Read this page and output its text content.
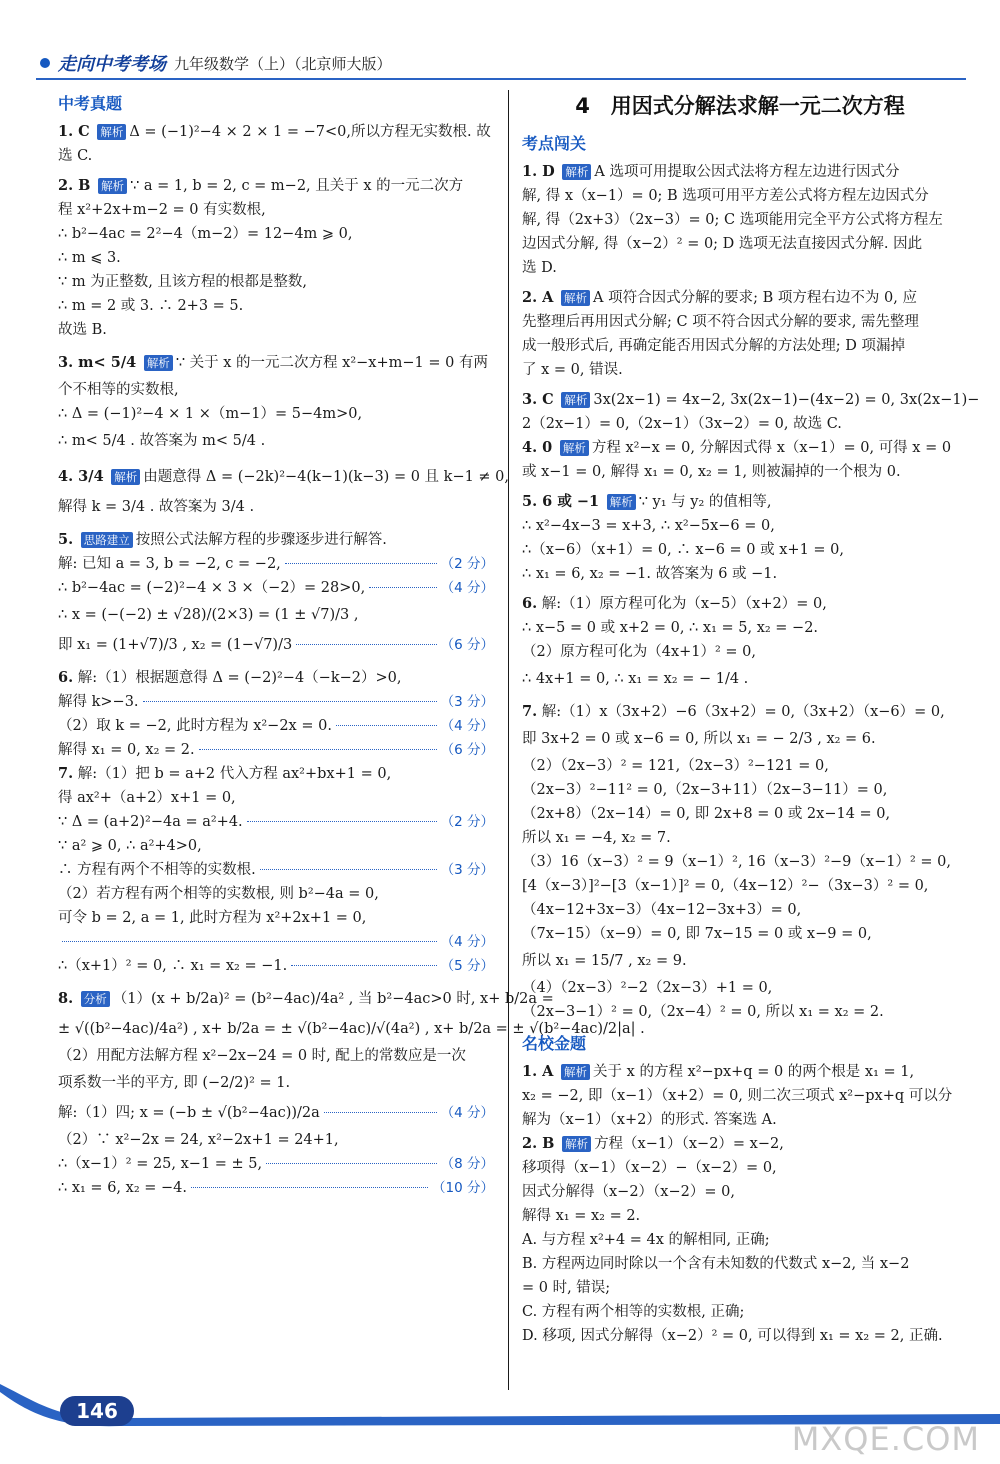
走向中考考场 九年级数学（上）（北京师大版）
中考真题
1. C 解析 Δ = (−1)²−4 × 2 × 1 = −7<0,所以方程无实数根. 故
选 C.
2. B 解析 ∵ a = 1, b = 2, c = m−2, 且关于 x 的一元二次方
程 x²+2x+m−2 = 0 有实数根,
∴ b²−4ac = 2²−4（m−2）= 12−4m ⩾ 0,
∴ m ⩽ 3.
∵ m 为正整数, 且该方程的根都是整数,
∴ m = 2 或 3. ∴ 2+3 = 5.
故选 B.
3. m< 5/4 解析 ∵ 关于 x 的一元二次方程 x²−x+m−1 = 0 有两
个不相等的实数根,
∴ Δ = (−1)²−4 × 1 ×（m−1）= 5−4m>0,
∴ m< 5/4 . 故答案为 m< 5/4 .
4. 3/4 解析 由题意得 Δ = (−2k)²−4(k−1)(k−3) = 0 且 k−1 ≠ 0,
解得 k = 3/4 . 故答案为 3/4 .
5. 思路建立 按照公式法解方程的步骤逐步进行解答.
解: 已知 a = 3, b = −2, c = −2,	（2 分）
∴ b²−4ac = (−2)²−4 × 3 ×（−2）= 28>0,	（4 分）
∴ x = (−(−2) ± √28)/(2×3) = (1 ± √7)/3 ,
即 x₁ = (1+√7)/3 , x₂ = (1−√7)/3	（6 分）
6. 解:（1）根据题意得 Δ = (−2)²−4（−k−2）>0,
解得 k>−3.	（3 分）
（2）取 k = −2, 此时方程为 x²−2x = 0.	（4 分）
解得 x₁ = 0, x₂ = 2.	（6 分）
7. 解:（1）把 b = a+2 代入方程 ax²+bx+1 = 0,
得 ax²+（a+2）x+1 = 0,
∵ Δ = (a+2)²−4a = a²+4.	（2 分）
∵ a² ⩾ 0, ∴ a²+4>0,
∴ 方程有两个不相等的实数根.	（3 分）
（2）若方程有两个相等的实数根, 则 b²−4a = 0,
可令 b = 2, a = 1, 此时方程为 x²+2x+1 = 0,
（4 分）
∴（x+1）² = 0, ∴ x₁ = x₂ = −1.	（5 分）
8. 分析 （1）(x + b/2a)² = (b²−4ac)/4a² , 当 b²−4ac>0 时, x+ b/2a =
± √((b²−4ac)/4a²) , x+ b/2a = ± √(b²−4ac)/√(4a²) , x+ b/2a = ± √(b²−4ac)/2|a| .
（2）用配方法解方程 x²−2x−24 = 0 时, 配上的常数应是一次
项系数一半的平方, 即 (−2/2)² = 1.
解:（1）四; x = (−b ± √(b²−4ac))/2a	（4 分）
（2）∵ x²−2x = 24, x²−2x+1 = 24+1,
∴（x−1）² = 25, x−1 = ± 5,	（8 分）
∴ x₁ = 6, x₂ = −4.	（10 分）
4　用因式分解法求解一元二次方程
考点闯关
1. D 解析 A 选项可用提取公因式法将方程左边进行因式分
解, 得 x（x−1）= 0; B 选项可用平方差公式将方程左边因式分
解, 得（2x+3）（2x−3）= 0; C 选项能用完全平方公式将方程左
边因式分解, 得（x−2）² = 0; D 选项无法直接因式分解. 因此
选 D.
2. A 解析 A 项符合因式分解的要求; B 项方程右边不为 0, 应
先整理后再用因式分解; C 项不符合因式分解的要求, 需先整理
成一般形式后, 再确定能否用因式分解的方法处理; D 项漏掉
了 x = 0, 错误.
3. C 解析 3x(2x−1) = 4x−2, 3x(2x−1)−(4x−2) = 0, 3x(2x−1)−
2（2x−1）= 0,（2x−1）（3x−2）= 0, 故选 C.
4. 0 解析 方程 x²−x = 0, 分解因式得 x（x−1）= 0, 可得 x = 0
或 x−1 = 0, 解得 x₁ = 0, x₂ = 1, 则被漏掉的一个根为 0.
5. 6 或 −1 解析 ∵ y₁ 与 y₂ 的值相等,
∴ x²−4x−3 = x+3, ∴ x²−5x−6 = 0,
∴（x−6）（x+1）= 0, ∴ x−6 = 0 或 x+1 = 0,
∴ x₁ = 6, x₂ = −1. 故答案为 6 或 −1.
6. 解:（1）原方程可化为（x−5）（x+2）= 0,
∴ x−5 = 0 或 x+2 = 0, ∴ x₁ = 5, x₂ = −2.
（2）原方程可化为（4x+1）² = 0,
∴ 4x+1 = 0, ∴ x₁ = x₂ = − 1/4 .
7. 解:（1）x（3x+2）−6（3x+2）= 0,（3x+2）（x−6）= 0,
即 3x+2 = 0 或 x−6 = 0, 所以 x₁ = − 2/3 , x₂ = 6.
（2）（2x−3）² = 121,（2x−3）²−121 = 0,
（2x−3）²−11² = 0,（2x−3+11）（2x−3−11）= 0,
（2x+8）（2x−14）= 0, 即 2x+8 = 0 或 2x−14 = 0,
所以 x₁ = −4, x₂ = 7.
（3）16（x−3）² = 9（x−1）², 16（x−3）²−9（x−1）² = 0,
[4（x−3）]²−[3（x−1）]² = 0,（4x−12）²−（3x−3）² = 0,
（4x−12+3x−3）（4x−12−3x+3）= 0,
（7x−15）（x−9）= 0, 即 7x−15 = 0 或 x−9 = 0,
所以 x₁ = 15/7 , x₂ = 9.
（4）（2x−3）²−2（2x−3）+1 = 0,
（2x−3−1）² = 0,（2x−4）² = 0, 所以 x₁ = x₂ = 2.
名校金题
1. A 解析 关于 x 的方程 x²−px+q = 0 的两个根是 x₁ = 1,
x₂ = −2, 即（x−1）（x+2）= 0, 则二次三项式 x²−px+q 可以分
解为（x−1）（x+2）的形式. 答案选 A.
2. B 解析 方程（x−1）（x−2）= x−2,
移项得（x−1）（x−2）−（x−2）= 0,
因式分解得（x−2）（x−2）= 0,
解得 x₁ = x₂ = 2.
A. 与方程 x²+4 = 4x 的解相同, 正确;
B. 方程两边同时除以一个含有未知数的代数式 x−2, 当 x−2
= 0 时, 错误;
C. 方程有两个相等的实数根, 正确;
D. 移项, 因式分解得（x−2）² = 0, 可以得到 x₁ = x₂ = 2, 正确.
146
MXQE.COM
